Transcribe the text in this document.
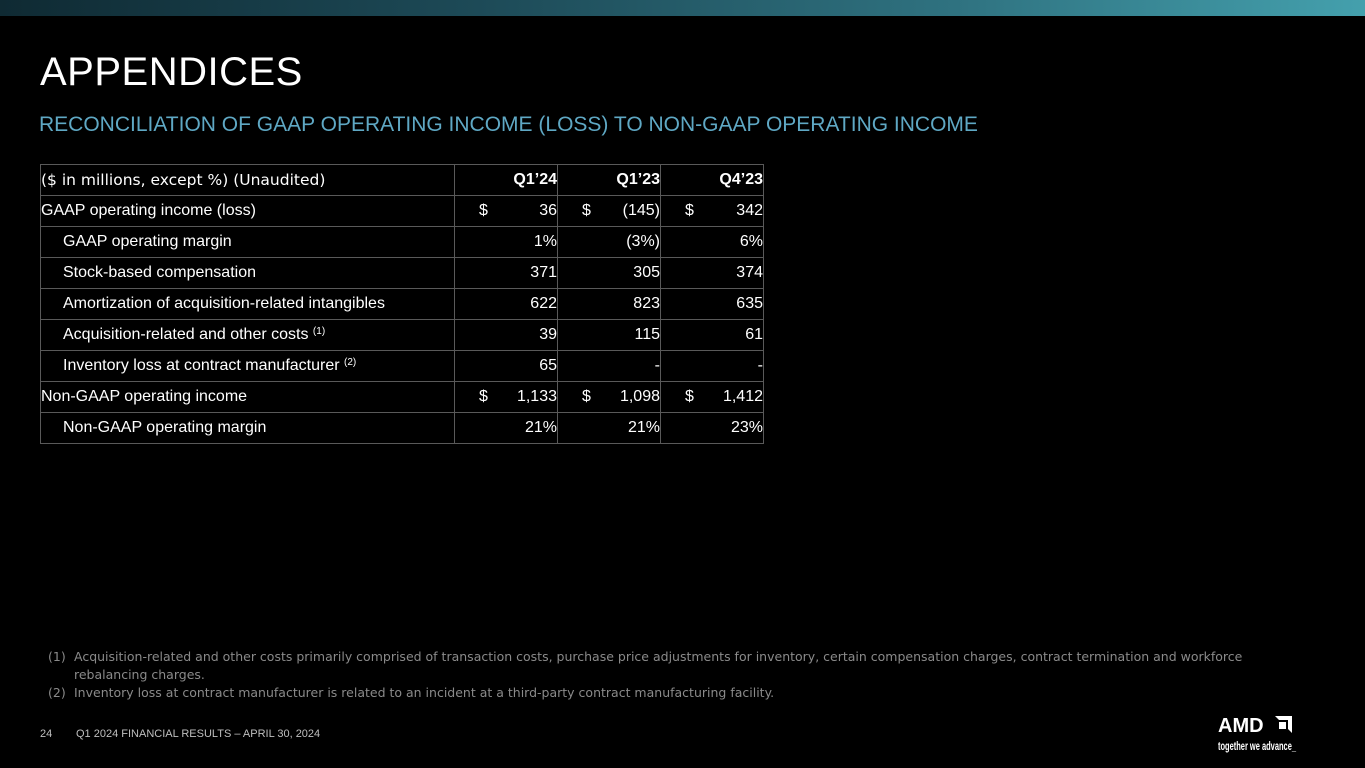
APPENDICES
RECONCILIATION OF GAAP OPERATING INCOME (LOSS) TO NON-GAAP OPERATING INCOME
($ in millions, except %) (Unaudited)	Q1’24	Q1’23	Q4’23
GAAP operating income (loss)	$ 36	$ (145)	$ 342
GAAP operating margin	1%	(3%)	6%
Stock-based compensation	371	305	374
Amortization of acquisition-related intangibles	622	823	635
Acquisition-related and other costs $^{(1)}$	39	115	61
Inventory loss at contract manufacturer $^{(2)}$	65	-	-
Non-GAAP operating income	$ 1,133	$ 1,098	$ 1,412
Non-GAAP operating margin	21%	21%	23%
(1) Acquisition-related and other costs primarily comprised of transaction costs, purchase price adjustments for inventory, certain compensation charges, contract termination and workforce rebalancing charges.
(2) Inventory loss at contract manufacturer is related to an incident at a third-party contract manufacturing facility.
24 Q1 2024 FINANCIAL RESULTS – APRIL 30, 2024	AMD
together we advance_
